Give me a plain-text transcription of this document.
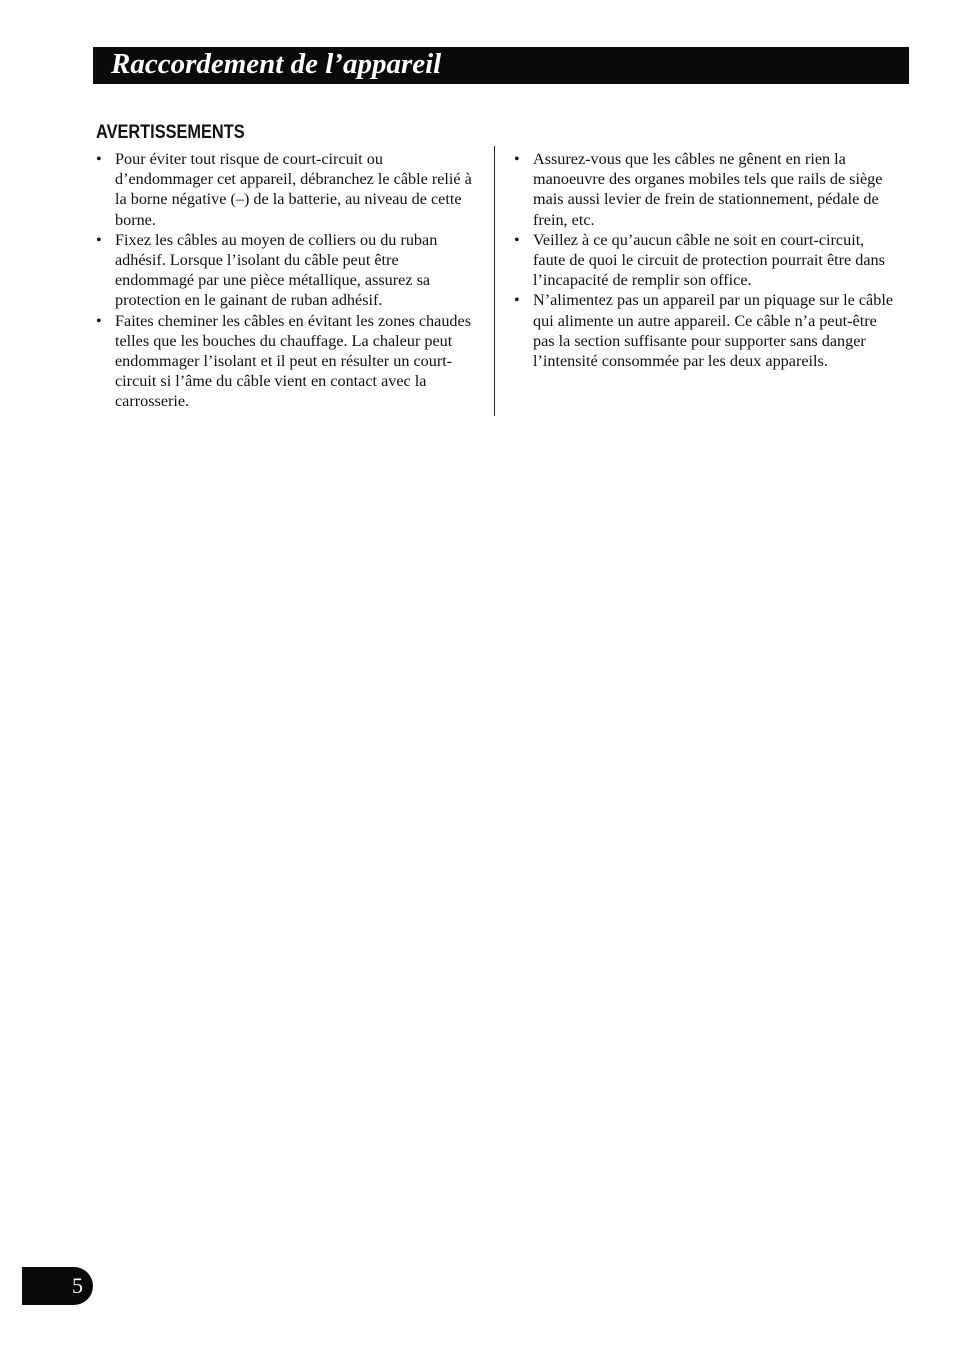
Raccordement de l’appareil
AVERTISSEMENTS
• Pour éviter tout risque de court-circuit ou d’endommager cet appareil, débranchez le câble relié à la borne négative (–) de la batterie, au niveau de cette borne.
• Fixez les câbles au moyen de colliers ou du ruban adhésif. Lorsque l’isolant du câble peut être endommagé par une pièce métallique, assurez sa protection en le gainant de ruban adhésif.
• Faites cheminer les câbles en évitant les zones chaudes telles que les bouches du chauffage. La chaleur peut endommager l’isolant et il peut en résulter un court-circuit si l’âme du câble vient en contact avec la carrosserie.
• Assurez-vous que les câbles ne gênent en rien la manoeuvre des organes mobiles tels que rails de siège mais aussi levier de frein de stationnement, pédale de frein, etc.
• Veillez à ce qu’aucun câble ne soit en court-circuit, faute de quoi le circuit de protection pourrait être dans l’incapacité de remplir son office.
• N’alimentez pas un appareil par un piquage sur le câble qui alimente un autre appareil. Ce câble n’a peut-être pas la section suffisante pour supporter sans danger l’intensité consommée par les deux appareils.
5
